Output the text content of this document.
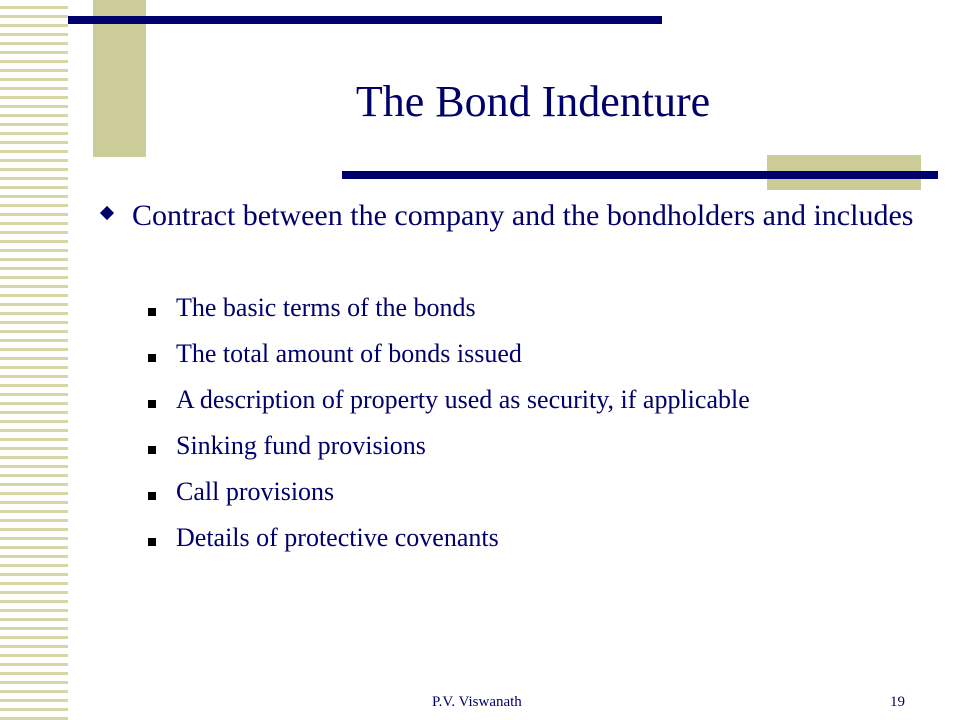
The Bond Indenture
Contract between the company and the bondholders and includes
The basic terms of the bonds
The total amount of bonds issued
A description of property used as security, if applicable
Sinking fund provisions
Call provisions
Details of protective covenants
P.V. Viswanath	19
